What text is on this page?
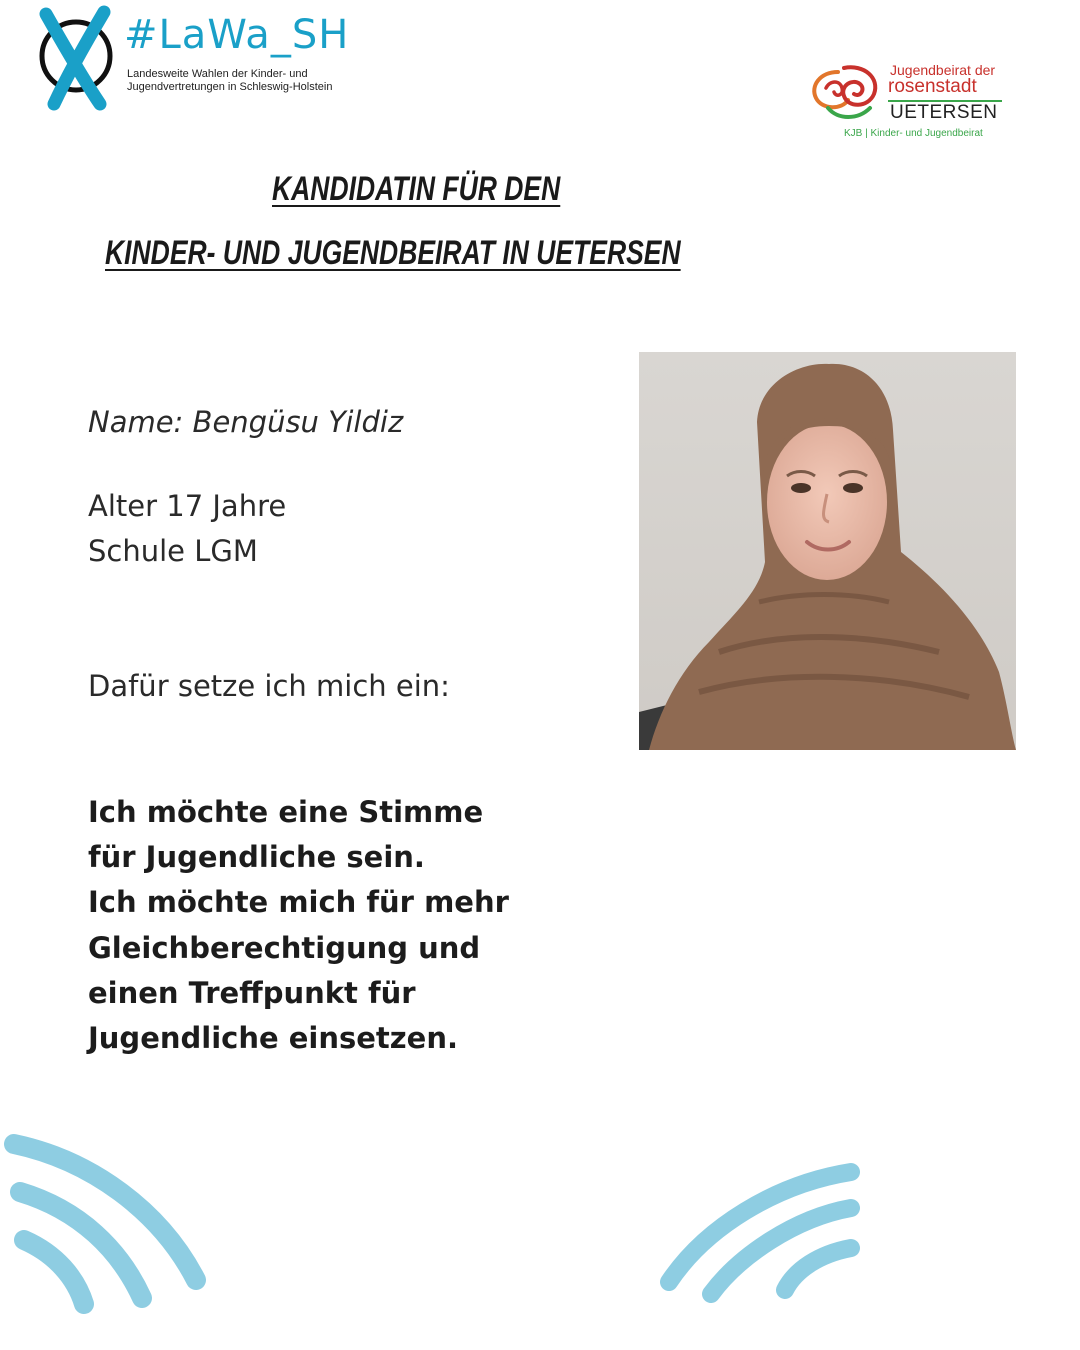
#LaWa_SH
Landesweite Wahlen der Kinder- und
Jugendvertretungen in Schleswig-Holstein
Jugendbeirat der
rosenstadt
UETERSEN
KJB | Kinder- und Jugendbeirat
KANDIDATIN FÜR DEN
KINDER- UND JUGENDBEIRAT IN UETERSEN
Name: Bengüsu Yildiz
Alter 17 Jahre
Schule LGM
Dafür setze ich mich ein:
Ich möchte eine Stimme
für Jugendliche sein.
Ich möchte mich für mehr
Gleichberechtigung und
einen Treffpunkt für
Jugendliche einsetzen.
